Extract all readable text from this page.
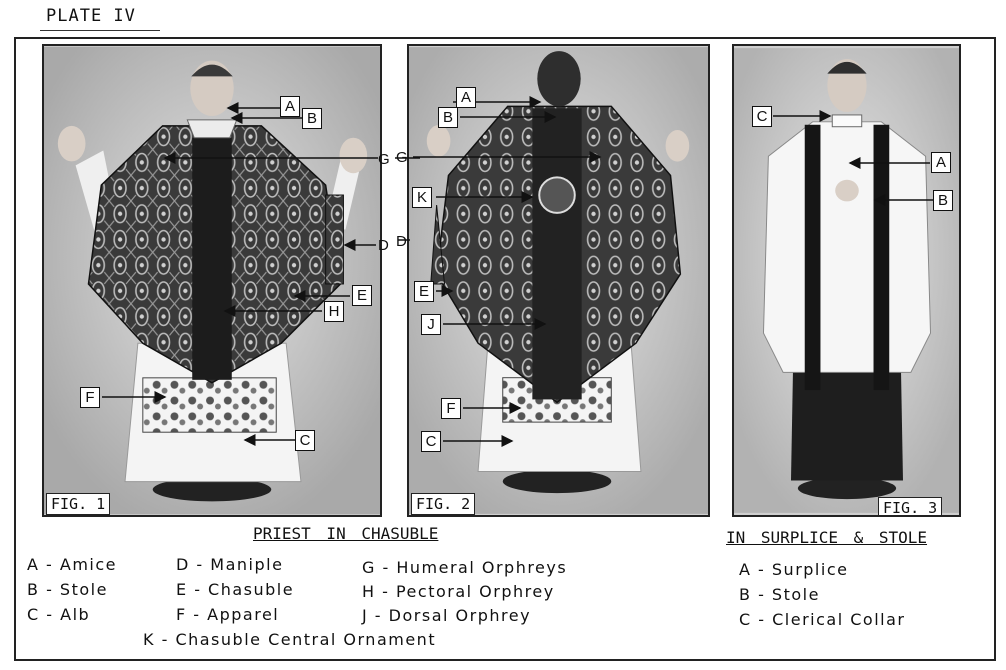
PLATE IV
FIG. 1	FIG. 2	FIG. 3
A
B
G
D
E
H
F
C
A
B
G
K
D
E
J
F
C
C
A
B
PRIEST IN CHASUBLE	IN SURPLICE & STOLE
A - Amice
B - Stole
C - Alb
D - Maniple
E - Chasuble
F - Apparel
G - Humeral Orphreys
H - Pectoral Orphrey
J - Dorsal Orphrey
K - Chasuble Central Ornament
A - Surplice
B - Stole
C - Clerical Collar
